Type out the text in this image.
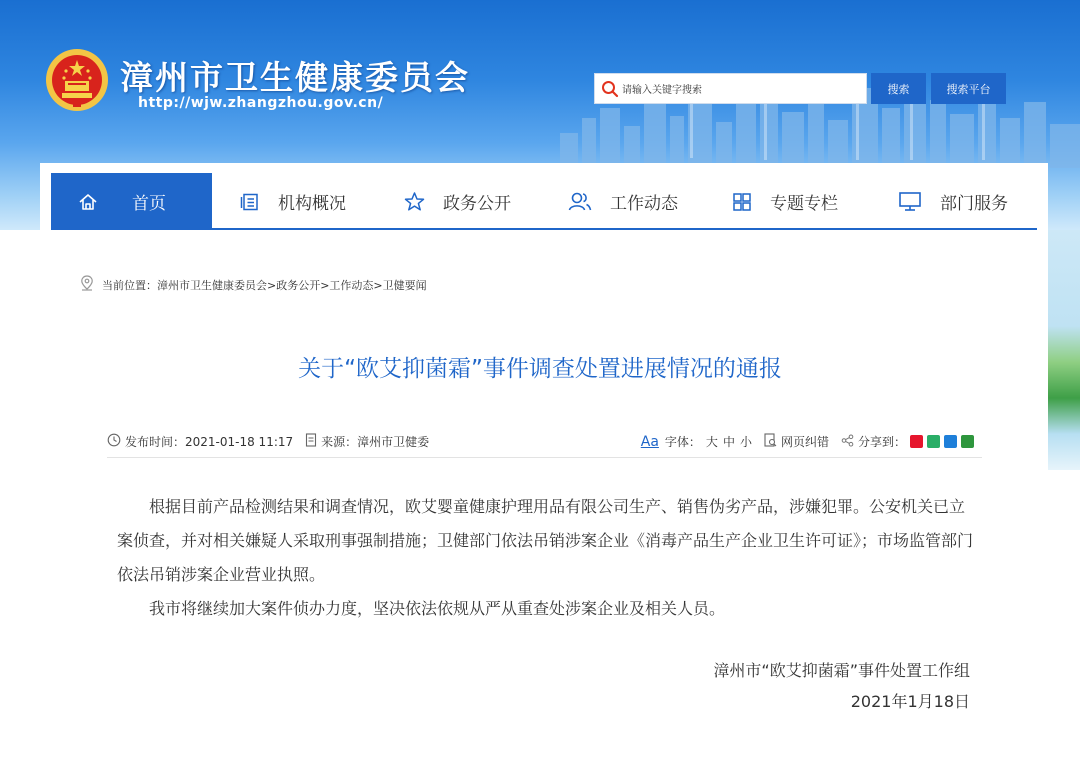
漳州市卫生健康委员会
http://wjw.zhangzhou.gov.cn/
请输入关键字搜索	搜索	搜索平台
首页	机构概况	政务公开	工作动态	专题专栏	部门服务
当前位置：漳州市卫生健康委员会>政务公开>工作动态>卫健要闻
关于“欧艾抑菌霜”事件调查处置进展情况的通报
发布时间：2021-01-18 11:17 来源：漳州市卫健委	Aa 字体： 大 中 小 网页纠错 分享到：

根据目前产品检测结果和调查情况，欧艾婴童健康护理用品有限公司生产、销售伪劣产品，涉嫌犯罪。公安机关已立案侦查，并对相关嫌疑人采取刑事强制措施；卫健部门依法吊销涉案企业《消毒产品生产企业卫生许可证》；市场监管部门依法吊销涉案企业营业执照。

我市将继续加大案件侦办力度，坚决依法依规从严从重查处涉案企业及相关人员。

漳州市“欧艾抑菌霜”事件处置工作组
2021年1月18日
